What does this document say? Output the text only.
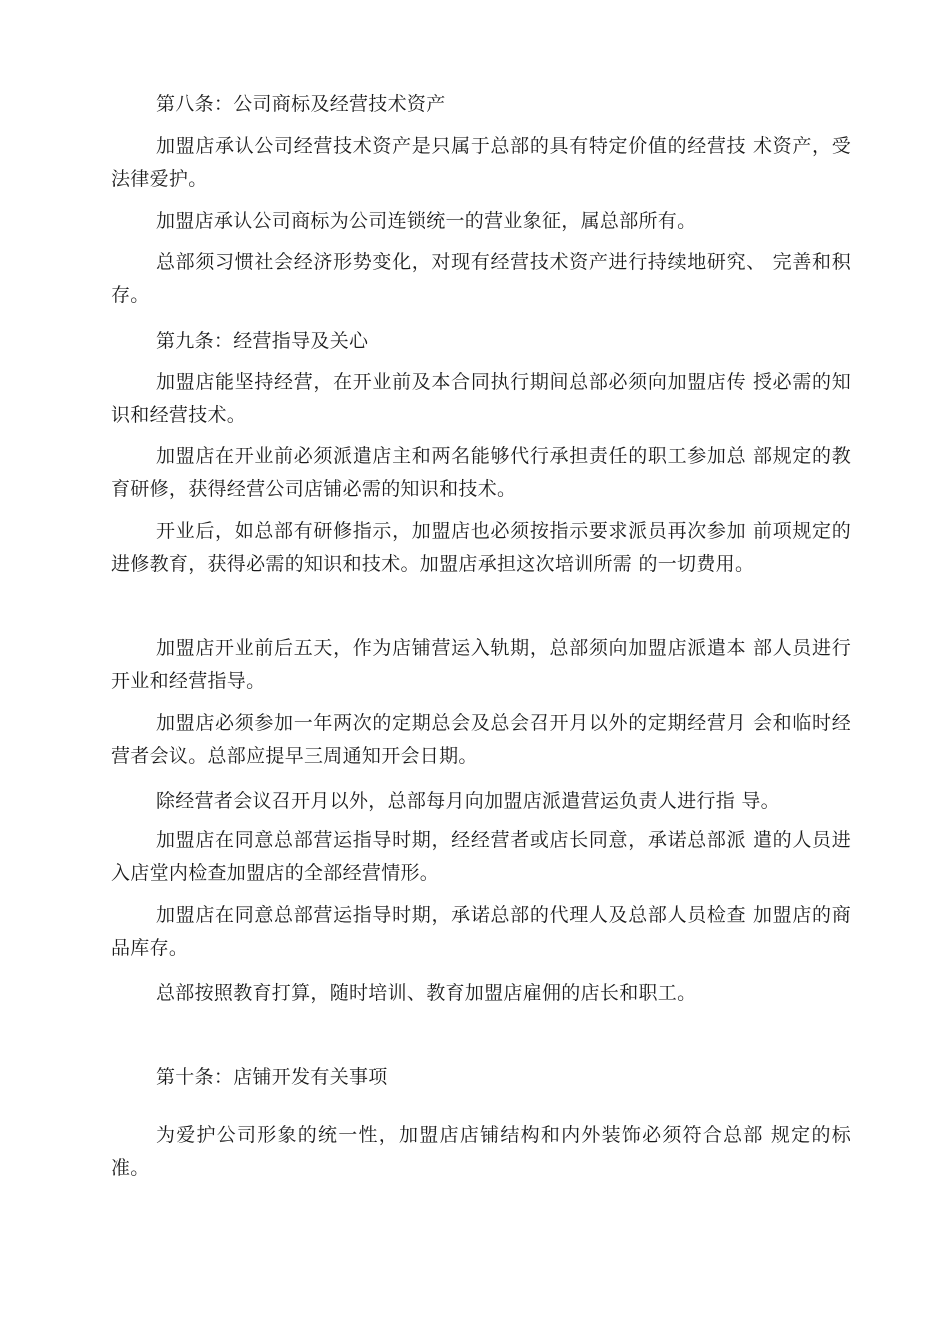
第八条：公司商标及经营技术资产

加盟店承认公司经营技术资产是只属于总部的具有特定价值的经营技 术资产，受法律爱护。

加盟店承认公司商标为公司连锁统一的营业象征，属总部所有。

总部须习惯社会经济形势变化，对现有经营技术资产进行持续地研究、 完善和积存。

第九条：经营指导及关心

加盟店能坚持经营，在开业前及本合同执行期间总部必须向加盟店传 授必需的知识和经营技术。

加盟店在开业前必须派遣店主和两名能够代行承担责任的职工参加总 部规定的教育研修，获得经营公司店铺必需的知识和技术。

开业后，如总部有研修指示，加盟店也必须按指示要求派员再次参加 前项规定的进修教育，获得必需的知识和技术。加盟店承担这次培训所需 的一切费用。

加盟店开业前后五天，作为店铺营运入轨期，总部须向加盟店派遣本 部人员进行开业和经营指导。

加盟店必须参加一年两次的定期总会及总会召开月以外的定期经营月 会和临时经营者会议。总部应提早三周通知开会日期。

除经营者会议召开月以外，总部每月向加盟店派遣营运负责人进行指 导。

加盟店在同意总部营运指导时期，经经营者或店长同意，承诺总部派 遣的人员进入店堂内检查加盟店的全部经营情形。

加盟店在同意总部营运指导时期，承诺总部的代理人及总部人员检查 加盟店的商品库存。

总部按照教育打算，随时培训、教育加盟店雇佣的店长和职工。

第十条：店铺开发有关事项

为爱护公司形象的统一性，加盟店店铺结构和内外装饰必须符合总部 规定的标准。
